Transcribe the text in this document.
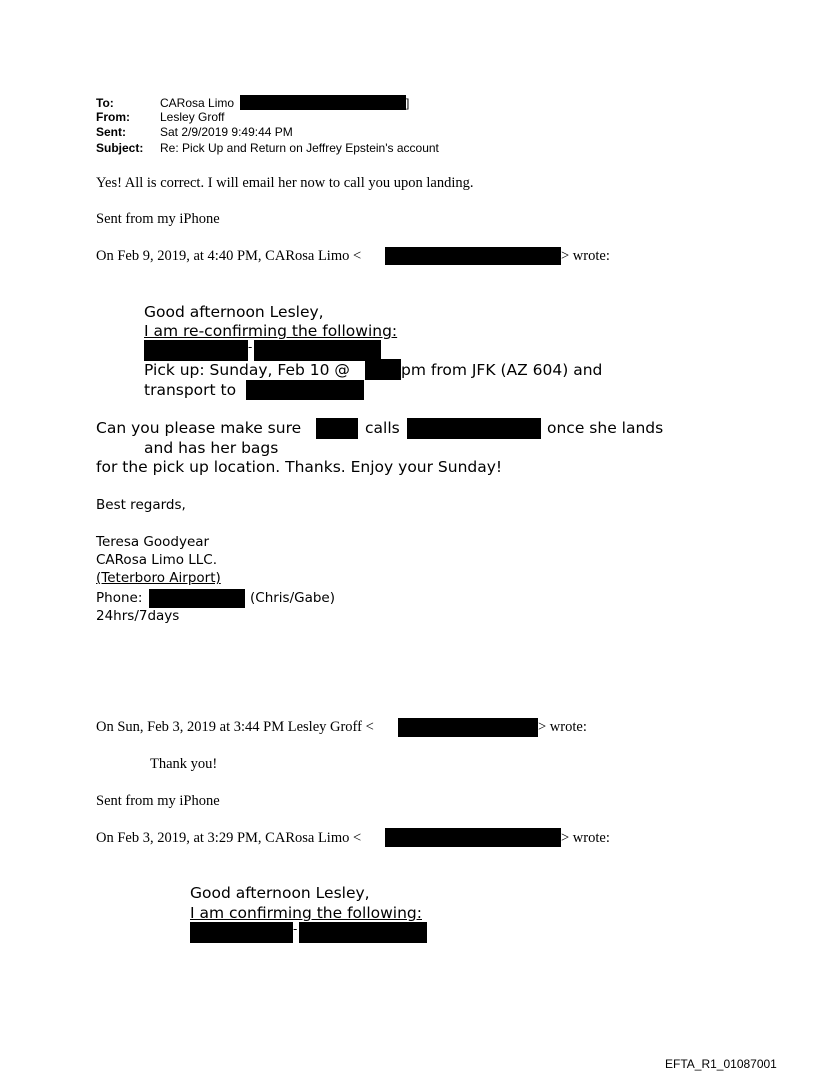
To:	CARosa Limo	]
From:	Lesley Groff
Sent:	Sat 2/9/2019 9:49:44 PM
Subject: Re: Pick Up and Return on Jeffrey Epstein's account
Yes! All is correct. I will email her now to call you upon landing.
Sent from my iPhone
On Feb 9, 2019, at 4:40 PM, CARosa Limo <	> wrote:
Good afternoon Lesley,
I am re-confirming the following:
-
Pick up: Sunday, Feb 10 @	pm from JFK (AZ 604) and
transport to
Can you please make sure	calls	once she lands
and has her bags
for the pick up location. Thanks. Enjoy your Sunday!
Best regards,
Teresa Goodyear
CARosa Limo LLC.
(Teterboro Airport)
Phone:	(Chris/Gabe)
24hrs/7days
On Sun, Feb 3, 2019 at 3:44 PM Lesley Groff <	> wrote:
Thank you!
Sent from my iPhone
On Feb 3, 2019, at 3:29 PM, CARosa Limo <	> wrote:
Good afternoon Lesley,
I am confirming the following:
-
EFTA_R1_01087001
